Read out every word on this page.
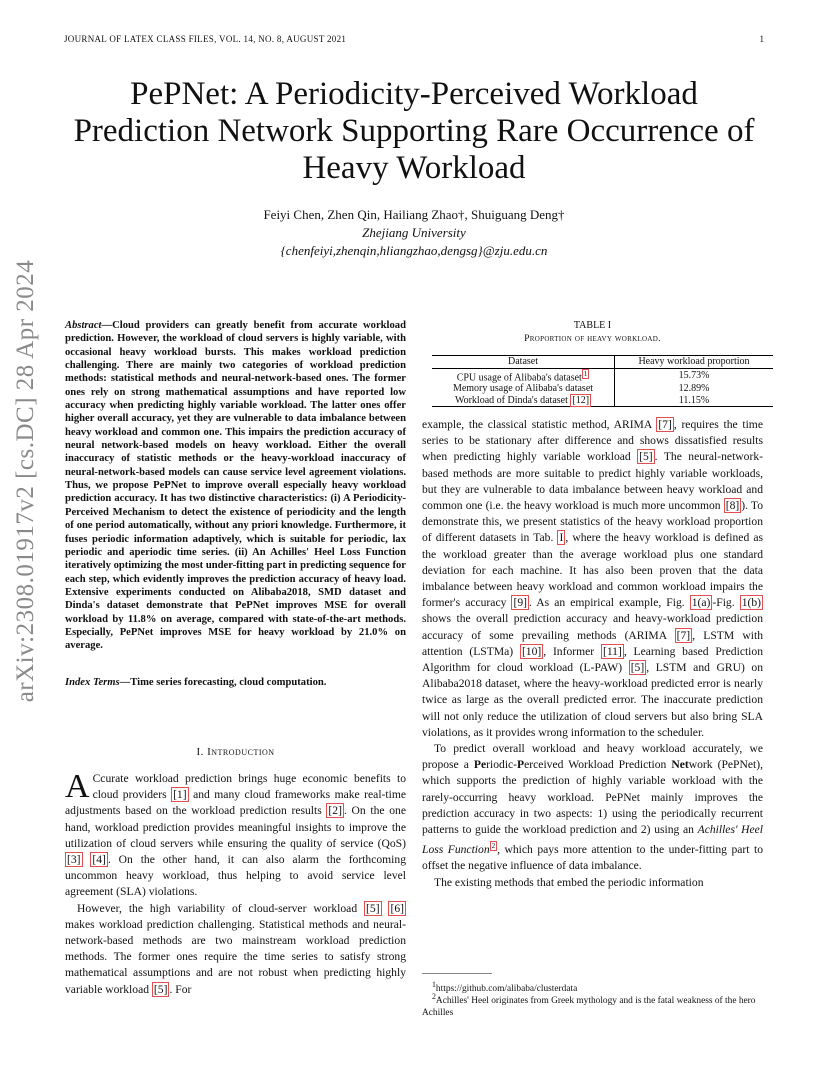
JOURNAL OF LATEX CLASS FILES, VOL. 14, NO. 8, AUGUST 2021	1
PePNet: A Periodicity-Perceived Workload Prediction Network Supporting Rare Occurrence of Heavy Workload
Feiyi Chen, Zhen Qin, Hailiang Zhao†, Shuiguang Deng†
Zhejiang University
{chenfeiyi,zhenqin,hliangzhao,dengsg}@zju.edu.cn
arXiv:2308.01917v2 [cs.DC] 28 Apr 2024 Abstract—Cloud providers can greatly benefit from accurate workload prediction. However, the workload of cloud servers is highly variable, with occasional heavy workload bursts. This makes workload prediction challenging. There are mainly two categories of workload prediction methods: statistical methods and neural-network-based ones. The former ones rely on strong mathematical assumptions and have reported low accuracy when predicting highly variable workload. The latter ones offer higher overall accuracy, yet they are vulnerable to data imbalance between heavy workload and common one. This impairs the prediction accuracy of neural network-based models on heavy workload. Either the overall inaccuracy of statistic methods or the heavy-workload inaccuracy of neural-network-based models can cause service level agreement violations. Thus, we propose PePNet to improve overall especially heavy workload prediction accuracy. It has two distinctive characteristics: (i) A Periodicity-Perceived Mechanism to detect the existence of periodicity and the length of one period automatically, without any priori knowledge. Furthermore, it fuses periodic information adaptively, which is suitable for periodic, lax periodic and aperiodic time series. (ii) An Achilles' Heel Loss Function iteratively optimizing the most under-fitting part in predicting sequence for each step, which evidently improves the prediction accuracy of heavy load. Extensive experiments conducted on Alibaba2018, SMD dataset and Dinda's dataset demonstrate that PePNet improves MSE for overall workload by 11.8% on average, compared with state-of-the-art methods. Especially, PePNet improves MSE for heavy workload by 21.0% on average.
Index Terms—Time series forecasting, cloud computation.
I. Introduction

A Ccurate workload prediction brings huge economic benefits to cloud providers [1] and many cloud frameworks make real-time adjustments based on the workload prediction results [2] . On the one hand, workload prediction provides meaningful insights to improve the utilization of cloud servers while ensuring the quality of service (QoS) [3] [4] . On the other hand, it can also alarm the forthcoming uncommon heavy workload, thus helping to avoid service level agreement (SLA) violations.

However, the high variability of cloud-server workload [5] [6] makes workload prediction challenging. Statistical methods and neural-network-based methods are two mainstream workload prediction methods. The former ones require the time series to satisfy strong mathematical assumptions and are not robust when predicting highly variable workload [5] . For

TABLE I
Proportion of heavy workload.
Dataset	Heavy workload proportion
CPU usage of Alibaba's dataset $^1$	15.73%
Memory usage of Alibaba's dataset	12.89%
Workload of Dinda's dataset [12]	11.15%

example, the classical statistic method, ARIMA [7] , requires the time series to be stationary after difference and shows dissatisfied results when predicting highly variable workload [5] . The neural-network-based methods are more suitable to predict highly variable workloads, but they are vulnerable to data imbalance between heavy workload and common one (i.e. the heavy workload is much more uncommon [8] ). To demonstrate this, we present statistics of the heavy workload proportion of different datasets in Tab. I , where the heavy workload is defined as the workload greater than the average workload plus one standard deviation for each machine. It has also been proven that the data imbalance between heavy workload and common workload impairs the former's accuracy [9] . As an empirical example, Fig. 1(a) -Fig. 1(b) shows the overall prediction accuracy and heavy-workload prediction accuracy of some prevailing methods (ARIMA [7] , LSTM with attention (LSTMa) [10] , Informer [11] , Learning based Prediction Algorithm for cloud workload (L-PAW) [5] , LSTM and GRU) on Alibaba2018 dataset, where the heavy-workload predicted error is nearly twice as large as the overall predicted error. The inaccurate prediction will not only reduce the utilization of cloud servers but also bring SLA violations, as it provides wrong information to the scheduler.

To predict overall workload and heavy workload accurately, we propose a Periodic-Perceived Workload Prediction Network (PePNet), which supports the prediction of highly variable workload with the rarely-occurring heavy workload. PePNet mainly improves the prediction accuracy in two aspects: 1) using the periodically recurrent patterns to guide the workload prediction and 2) using an Achilles' Heel Loss Function $^2$ , which pays more attention to the under-fitting part to offset the negative influence of data imbalance.

The existing methods that embed the periodic information

$^1$https://github.com/alibaba/clusterdata
$^2$Achilles' Heel originates from Greek mythology and is the fatal weakness of the hero Achilles
